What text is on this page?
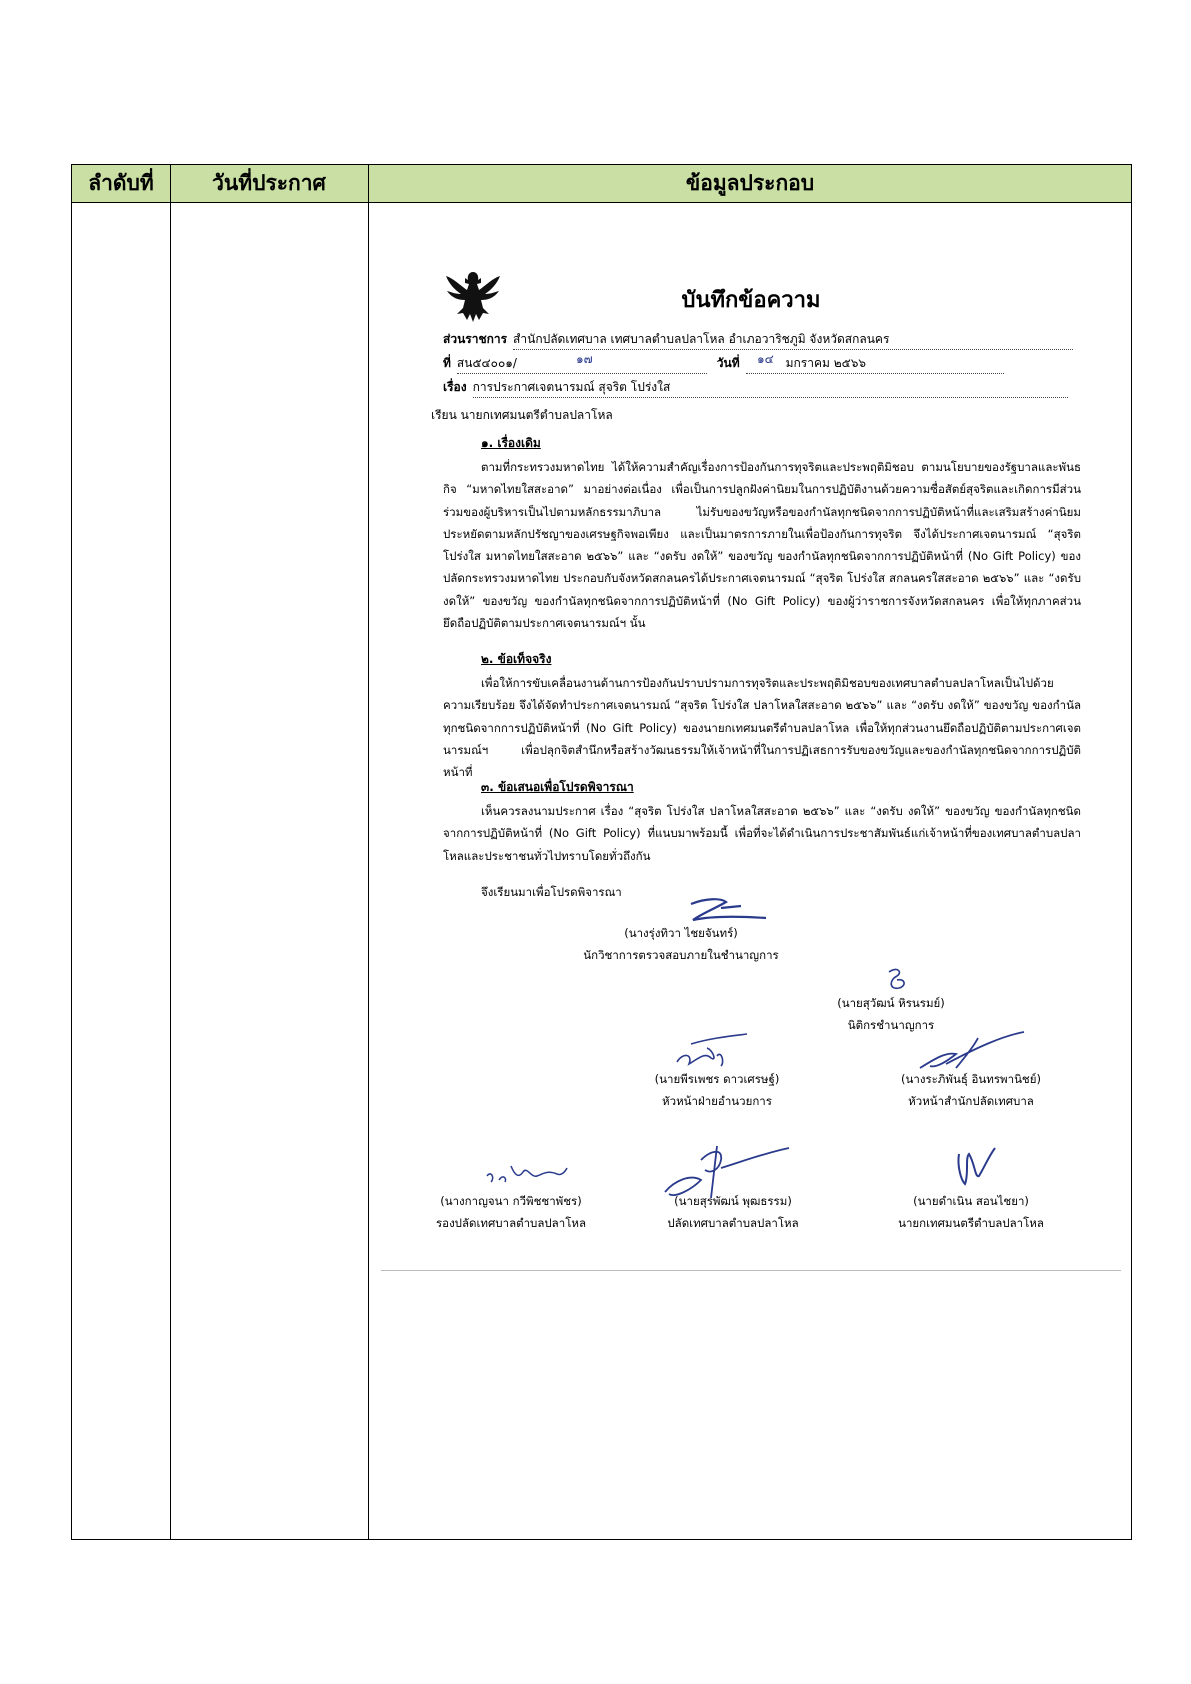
ลำดับที่	วันที่ประกาศ	ข้อมูลประกอบ
บันทึกข้อความ
ส่วนราชการ สำนักปลัดเทศบาล เทศบาลตำบลปลาโหล อำเภอวาริชภูมิ จังหวัดสกลนคร
ที่ สน๕๔๐๐๑/	วันที่	มกราคม ๒๕๖๖
๑๗	๑๔
เรื่อง การประกาศเจตนารมณ์ สุจริต โปร่งใส
เรียน นายกเทศมนตรีตำบลปลาโหล
๑. เรื่องเดิม
ตามที่กระทรวงมหาดไทย ได้ให้ความสำคัญเรื่องการป้องกันการทุจริตและประพฤติมิชอบ ตามนโยบายของรัฐบาลและพันธกิจ “มหาดไทยใสสะอาด” มาอย่างต่อเนื่อง เพื่อเป็นการปลูกฝังค่านิยมในการปฏิบัติงานด้วยความซื่อสัตย์สุจริตและเกิดการมีส่วนร่วมของผู้บริหารเป็นไปตามหลักธรรมาภิบาล ไม่รับของขวัญหรือของกำนัลทุกชนิดจากการปฏิบัติหน้าที่และเสริมสร้างค่านิยมประหยัดตามหลักปรัชญาของเศรษฐกิจพอเพียง และเป็นมาตรการภายในเพื่อป้องกันการทุจริต จึงได้ประกาศเจตนารมณ์ “สุจริต โปร่งใส มหาดไทยใสสะอาด ๒๕๖๖” และ “งดรับ งดให้” ของขวัญ ของกำนัลทุกชนิดจากการปฏิบัติหน้าที่ (No Gift Policy) ของปลัดกระทรวงมหาดไทย ประกอบกับจังหวัดสกลนครได้ประกาศเจตนารมณ์ “สุจริต โปร่งใส สกลนครใสสะอาด ๒๕๖๖” และ “งดรับ งดให้” ของขวัญ ของกำนัลทุกชนิดจากการปฏิบัติหน้าที่ (No Gift Policy) ของผู้ว่าราชการจังหวัดสกลนคร เพื่อให้ทุกภาคส่วนยึดถือปฏิบัติตามประกาศเจตนารมณ์ฯ นั้น
๒. ข้อเท็จจริง
เพื่อให้การขับเคลื่อนงานด้านการป้องกันปราบปรามการทุจริตและประพฤติมิชอบของเทศบาลตำบลปลาโหลเป็นไปด้วยความเรียบร้อย จึงได้จัดทำประกาศเจตนารมณ์ “สุจริต โปร่งใส ปลาโหลใสสะอาด ๒๕๖๖” และ “งดรับ งดให้” ของขวัญ ของกำนัลทุกชนิดจากการปฏิบัติหน้าที่ (No Gift Policy) ของนายกเทศมนตรีตำบลปลาโหล เพื่อให้ทุกส่วนงานยึดถือปฏิบัติตามประกาศเจตนารมณ์ฯ เพื่อปลุกจิตสำนึกหรือสร้างวัฒนธรรมให้เจ้าหน้าที่ในการปฏิเสธการรับของขวัญและของกำนัลทุกชนิดจากการปฏิบัติหน้าที่
๓. ข้อเสนอเพื่อโปรดพิจารณา
เห็นควรลงนามประกาศ เรื่อง “สุจริต โปร่งใส ปลาโหลใสสะอาด ๒๕๖๖” และ “งดรับ งดให้” ของขวัญ ของกำนัลทุกชนิดจากการปฏิบัติหน้าที่ (No Gift Policy) ที่แนบมาพร้อมนี้ เพื่อที่จะได้ดำเนินการประชาสัมพันธ์แก่เจ้าหน้าที่ของเทศบาลตำบลปลาโหลและประชาชนทั่วไปทราบโดยทั่วถึงกัน
จึงเรียนมาเพื่อโปรดพิจารณา
(นางรุ่งทิวา ไชยจันทร์)
นักวิชาการตรวจสอบภายในชำนาญการ
(นายสุวัฒน์ หิรนรมย์)
นิติกรชำนาญการ
(นายพีรเพชร ดาวเศรษฐ์)
หัวหน้าฝ่ายอำนวยการ
(นางระภิพันธุ์ อินทรพานิชย์)
หัวหน้าสำนักปลัดเทศบาล
(นางกาญจนา กวีพิชชาพัชร)
รองปลัดเทศบาลตำบลปลาโหล
(นายสุรพัฒน์ พุฒธรรม)
ปลัดเทศบาลตำบลปลาโหล
(นายดำเนิน สอนไชยา)
นายกเทศมนตรีตำบลปลาโหล
